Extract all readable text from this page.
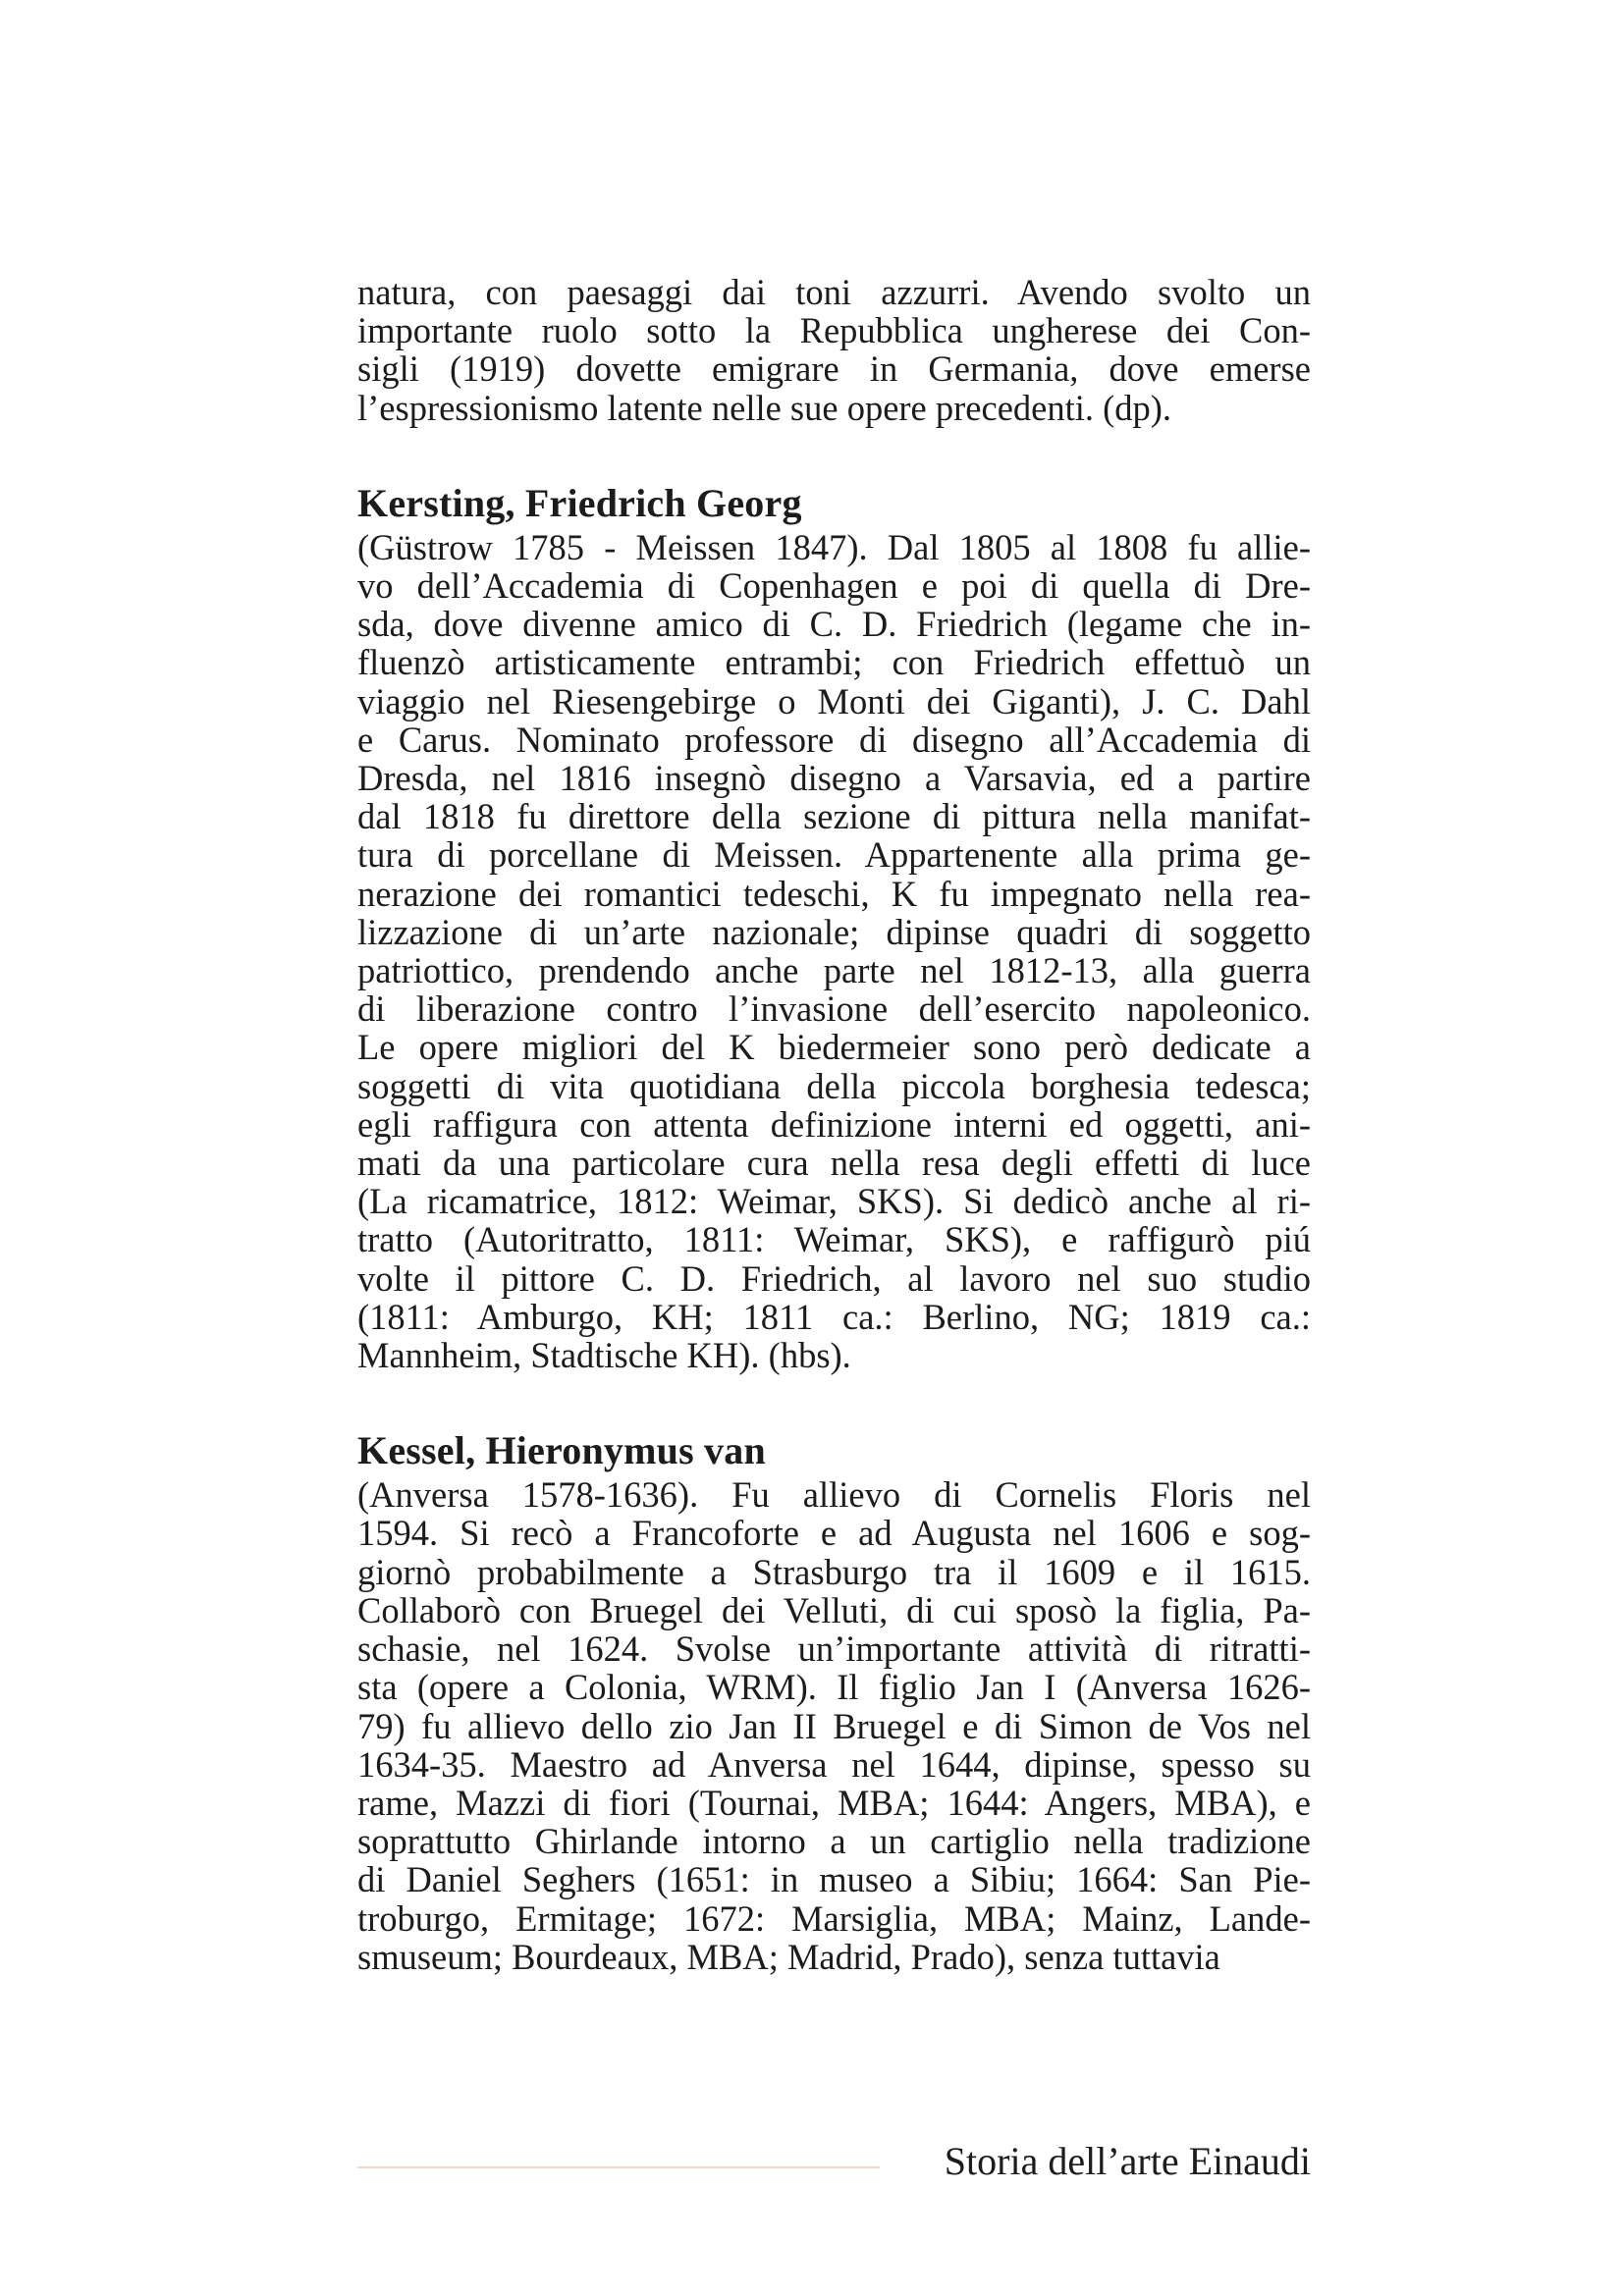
natura, con paesaggi dai toni azzurri. Avendo svolto un
importante ruolo sotto la Repubblica ungherese dei Con-
sigli (1919) dovette emigrare in Germania, dove emerse
l’espressionismo latente nelle sue opere precedenti. (dp).
Kersting, Friedrich Georg
(Güstrow 1785 - Meissen 1847). Dal 1805 al 1808 fu allie-
vo dell’Accademia di Copenhagen e poi di quella di Dre-
sda, dove divenne amico di C. D. Friedrich (legame che in-
fluenzò artisticamente entrambi; con Friedrich effettuò un
viaggio nel Riesengebirge o Monti dei Giganti), J. C. Dahl
e Carus. Nominato professore di disegno all’Accademia di
Dresda, nel 1816 insegnò disegno a Varsavia, ed a partire
dal 1818 fu direttore della sezione di pittura nella manifat-
tura di porcellane di Meissen. Appartenente alla prima ge-
nerazione dei romantici tedeschi, K fu impegnato nella rea-
lizzazione di un’arte nazionale; dipinse quadri di soggetto
patriottico, prendendo anche parte nel 1812-13, alla guerra
di liberazione contro l’invasione dell’esercito napoleonico.
Le opere migliori del K biedermeier sono però dedicate a
soggetti di vita quotidiana della piccola borghesia tedesca;
egli raffigura con attenta definizione interni ed oggetti, ani-
mati da una particolare cura nella resa degli effetti di luce
(La ricamatrice, 1812: Weimar, SKS). Si dedicò anche al ri-
tratto (Autoritratto, 1811: Weimar, SKS), e raffigurò piú
volte il pittore C. D. Friedrich, al lavoro nel suo studio
(1811: Amburgo, KH; 1811 ca.: Berlino, NG; 1819 ca.:
Mannheim, Stadtische KH). (hbs).
Kessel, Hieronymus van
(Anversa 1578-1636). Fu allievo di Cornelis Floris nel
1594. Si recò a Francoforte e ad Augusta nel 1606 e sog-
giornò probabilmente a Strasburgo tra il 1609 e il 1615.
Collaborò con Bruegel dei Velluti, di cui sposò la figlia, Pa-
schasie, nel 1624. Svolse un’importante attività di ritratti-
sta (opere a Colonia, WRM). Il figlio Jan I (Anversa 1626-
79) fu allievo dello zio Jan II Bruegel e di Simon de Vos nel
1634-35. Maestro ad Anversa nel 1644, dipinse, spesso su
rame, Mazzi di fiori (Tournai, MBA; 1644: Angers, MBA), e
soprattutto Ghirlande intorno a un cartiglio nella tradizione
di Daniel Seghers (1651: in museo a Sibiu; 1664: San Pie-
troburgo, Ermitage; 1672: Marsiglia, MBA; Mainz, Lande-
smuseum; Bourdeaux, MBA; Madrid, Prado), senza tuttavia
Storia dell’arte Einaudi
